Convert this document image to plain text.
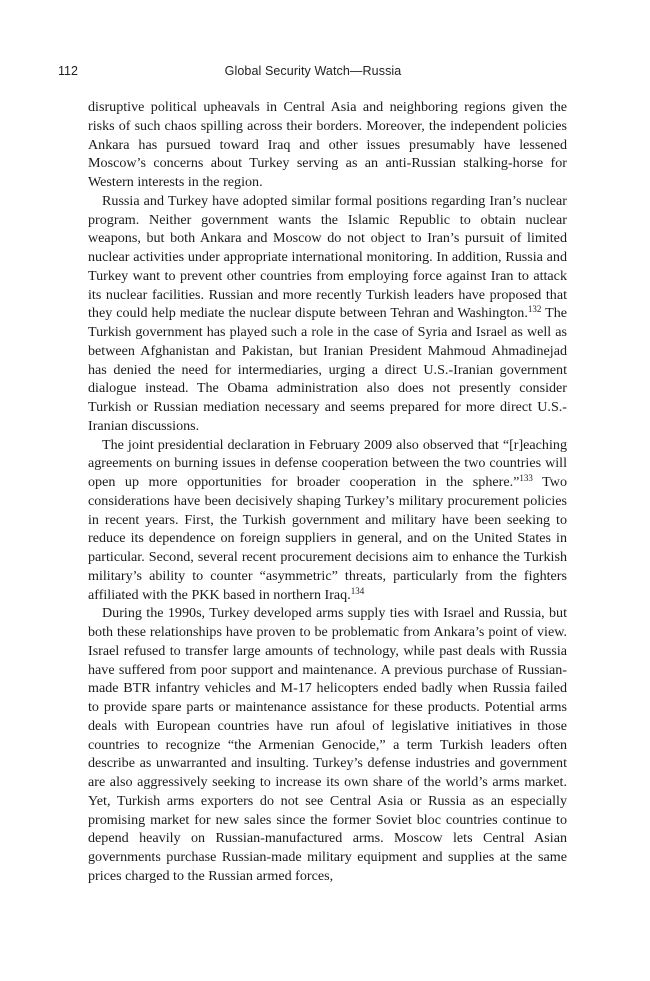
112	Global Security Watch—Russia

disruptive political upheavals in Central Asia and neighboring regions given the risks of such chaos spilling across their borders. Moreover, the independent policies Ankara has pursued toward Iraq and other issues presumably have lessened Moscow’s concerns about Turkey serving as an anti-Russian stalking-horse for Western interests in the region.

Russia and Turkey have adopted similar formal positions regarding Iran’s nuclear program. Neither government wants the Islamic Republic to obtain nuclear weapons, but both Ankara and Moscow do not object to Iran’s pursuit of limited nuclear activities under appropriate international monitoring. In addition, Russia and Turkey want to prevent other countries from employing force against Iran to attack its nuclear facilities. Russian and more recently Turkish leaders have proposed that they could help mediate the nuclear dispute between Tehran and Washington.$^{132}$ The Turkish government has played such a role in the case of Syria and Israel as well as between Afghanistan and Pakistan, but Iranian President Mahmoud Ahmadinejad has denied the need for intermediaries, urging a direct U.S.-Iranian government dialogue instead. The Obama administration also does not presently consider Turkish or Russian mediation necessary and seems prepared for more direct U.S.-Iranian discussions.

The joint presidential declaration in February 2009 also observed that “[r]eaching agreements on burning issues in defense cooperation between the two countries will open up more opportunities for broader cooperation in the sphere.”$^{133}$ Two considerations have been decisively shaping Turkey’s military procurement policies in recent years. First, the Turkish government and military have been seeking to reduce its dependence on foreign suppliers in general, and on the United States in particular. Second, several recent procurement decisions aim to enhance the Turkish military’s ability to counter “asymmetric” threats, particularly from the fighters affiliated with the PKK based in northern Iraq.$^{134}$

During the 1990s, Turkey developed arms supply ties with Israel and Russia, but both these relationships have proven to be problematic from Ankara’s point of view. Israel refused to transfer large amounts of technology, while past deals with Russia have suffered from poor support and maintenance. A previous purchase of Russian-made BTR infantry vehicles and M-17 helicopters ended badly when Russia failed to provide spare parts or maintenance assistance for these products. Potential arms deals with European countries have run afoul of legislative initiatives in those countries to recognize “the Armenian Genocide,” a term Turkish leaders often describe as unwarranted and insulting. Turkey’s defense industries and government are also aggressively seeking to increase its own share of the world’s arms market. Yet, Turkish arms exporters do not see Central Asia or Russia as an especially promising market for new sales since the former Soviet bloc countries continue to depend heavily on Russian-manufactured arms. Moscow lets Central Asian governments purchase Russian-made military equipment and supplies at the same prices charged to the Russian armed forces,
